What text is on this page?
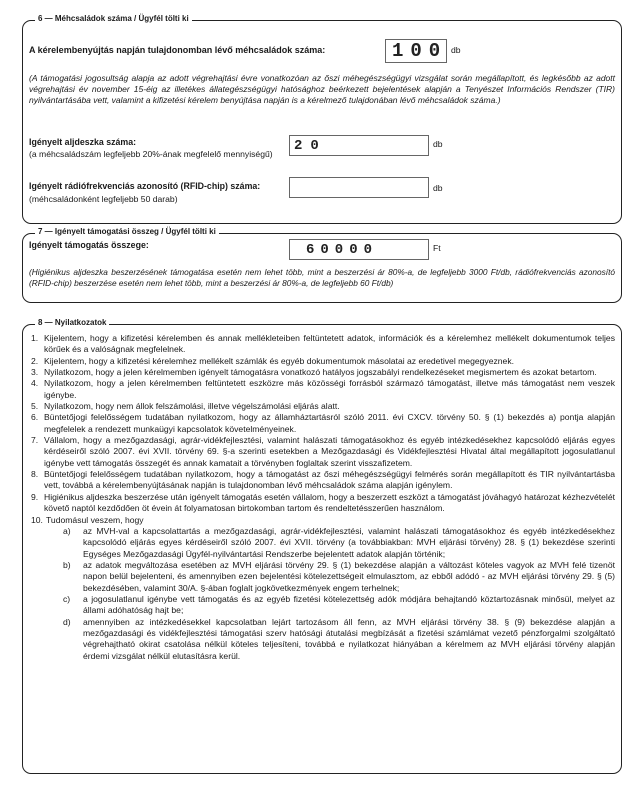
6 — Méhcsaládok száma / Ügyfél tölti ki
A kérelembenyújtás napján tulajdonomban lévő méhcsaládok száma:	100 db
(A támogatási jogosultság alapja az adott végrehajtási évre vonatkozóan az őszi méhegészségügyi vizsgálat során megállapított, és legkésőbb az adott végrehajtási év november 15-éig az illetékes állategészségügyi hatósághoz beérkezett bejelentések alapján a Tenyészet Információs Rendszer (TIR) nyilvántartásába vett, valamint a kifizetési kérelem benyújtása napján is a kérelmező tulajdonában lévő méhcsaládok száma.)
Igényelt aljdeszka száma:
(a méhcsaládszám legfeljebb 20%-ának megfelelő mennyiségű)	20	db
Igényelt rádiófrekvenciás azonosító (RFID-chip) száma:
(méhcsaládonként legfeljebb 50 darab)
db
7 — Igényelt támogatási összeg / Ügyfél tölti ki
Igényelt támogatás összege:	60000	Ft
(Higiénikus aljdeszka beszerzésének támogatása esetén nem lehet több, mint a beszerzési ár 80%-a, de legfeljebb 3000 Ft/db, rádiófrekvenciás azonosító (RFID-chip) beszerzése esetén nem lehet több, mint a beszerzési ár 80%-a, de legfeljebb 60 Ft/db)
8 — Nyilatkozatok
1. Kijelentem, hogy a kifizetési kérelemben és annak mellékleteiben feltüntetett adatok, információk és a kérelemhez mellékelt dokumentumok teljes körűek és a valóságnak megfelelnek.
2. Kijelentem, hogy a kifizetési kérelemhez mellékelt számlák és egyéb dokumentumok másolatai az eredetivel megegyeznek.
3. Nyilatkozom, hogy a jelen kérelmemben igényelt támogatásra vonatkozó hatályos jogszabályi rendelkezéseket megismertem és azokat betartom.
4. Nyilatkozom, hogy a jelen kérelmemben feltüntetett eszközre más közösségi forrásból származó támogatást, illetve más támogatást nem veszek igénybe.
5. Nyilatkozom, hogy nem állok felszámolási, illetve végelszámolási eljárás alatt.
6. Büntetőjogi felelősségem tudatában nyilatkozom, hogy az államháztartásról szóló 2011. évi CXCV. törvény 50. § (1) bekezdés a) pontja alapján megfelelek a rendezett munkaügyi kapcsolatok követelményeinek.
7. Vállalom, hogy a mezőgazdasági, agrár-vidékfejlesztési, valamint halászati támogatásokhoz és egyéb intézkedésekhez kapcsolódó eljárás egyes kérdéseiről szóló 2007. évi XVII. törvény 69. §-a szerinti esetekben a Mezőgazdasági és Vidékfejlesztési Hivatal által megállapított jogosulatlanul igénybe vett támogatás összegét és annak kamatait a törvényben foglaltak szerint visszafizetem.
8. Büntetőjogi felelősségem tudatában nyilatkozom, hogy a támogatást az őszi méhegészségügyi felmérés során megállapított és TIR nyilvántartásba vett, továbbá a kérelembenyújtásának napján is tulajdonomban lévő méhcsaládok száma alapján igénylem.
9. Higiénikus aljdeszka beszerzése után igényelt támogatás esetén vállalom, hogy a beszerzett eszközt a támogatást jóváhagyó határozat kézhezvételét követő naptól kezdődően öt évein át folyamatosan birtokomban tartom és rendeltetésszerűen használom.
10. Tudomásul veszem, hogy
a) az MVH-val a kapcsolattartás a mezőgazdasági, agrár-vidékfejlesztési, valamint halászati támogatásokhoz és egyéb intézkedésekhez kapcsolódó eljárás egyes kérdéseiről szóló 2007. évi XVII. törvény (a továbbiakban: MVH eljárási törvény) 28. § (1) bekezdése szerinti Egységes Mezőgazdasági Ügyfél-nyilvántartási Rendszerbe bejelentett adatok alapján történik;
b) az adatok megváltozása esetében az MVH eljárási törvény 29. § (1) bekezdése alapján a változást köteles vagyok az MVH felé tizenöt napon belül bejelenteni, és amennyiben ezen bejelentési kötelezettségeit elmulasztom, az ebből adódó - az MVH eljárási törvény 29. § (5) bekezdésében, valamint 30/A. §-ában foglalt jogkövetkezmények engem terhelnek;
c) a jogosulatlanul igénybe vett támogatás és az egyéb fizetési kötelezettség adók módjára behajtandó köztartozásnak minősül, melyet az állami adóhatóság hajt be;
d) amennyiben az intézkedésekkel kapcsolatban lejárt tartozásom áll fenn, az MVH eljárási törvény 38. § (9) bekezdése alapján a mezőgazdasági és vidékfejlesztési támogatási szerv hatósági átutalási megbízását a fizetési számlámat vezető pénzforgalmi szolgáltató végrehajtható okirat csatolása nélkül köteles teljesíteni, továbbá e nyilatkozat hiányában a kérelmem az MVH eljárási törvény alapján érdemi vizsgálat nélkül elutasításra kerül.
